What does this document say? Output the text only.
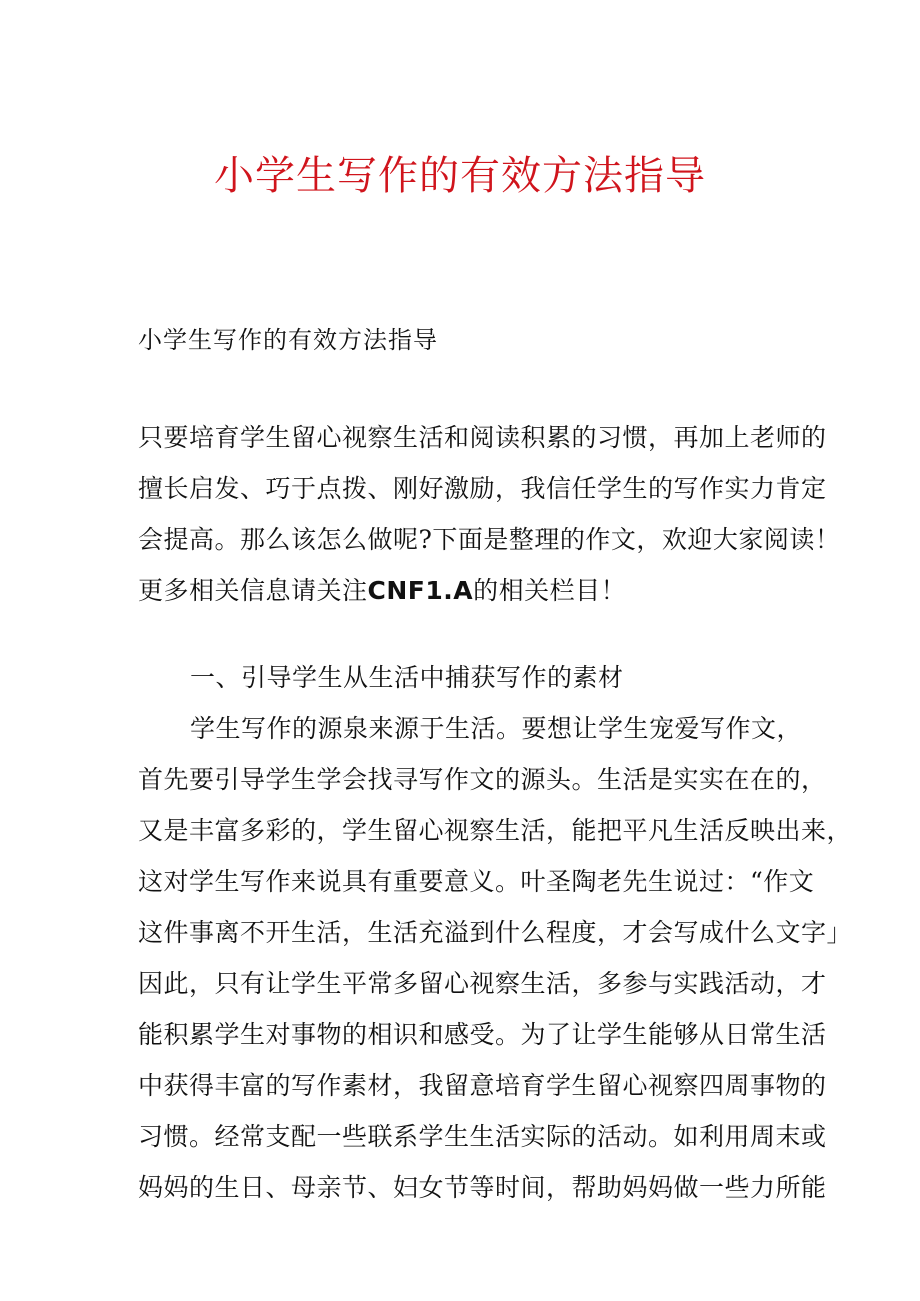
小学生写作的有效方法指导

小学生写作的有效方法指导

只要培育学生留心视察生活和阅读积累的习惯，再加上老师的
擅长启发、巧于点拨、刚好激励，我信任学生的写作实力肯定
会提高。那么该怎么做呢?下面是整理的作文，欢迎大家阅读！
更多相关信息请关注CNF1.A的相关栏目！
一、引导学生从生活中捕获写作的素材
学生写作的源泉来源于生活。要想让学生宠爱写作文，
首先要引导学生学会找寻写作文的源头。生活是实实在在的，
又是丰富多彩的，学生留心视察生活，能把平凡生活反映出来，
这对学生写作来说具有重要意义。叶圣陶老先生说过：“作文
这件事离不开生活，生活充溢到什么程度，才会写成什么文字」
因此，只有让学生平常多留心视察生活，多参与实践活动，才
能积累学生对事物的相识和感受。为了让学生能够从日常生活
中获得丰富的写作素材，我留意培育学生留心视察四周事物的
习惯。经常支配一些联系学生生活实际的活动。如利用周末或
妈妈的生日、母亲节、妇女节等时间，帮助妈妈做一些力所能
